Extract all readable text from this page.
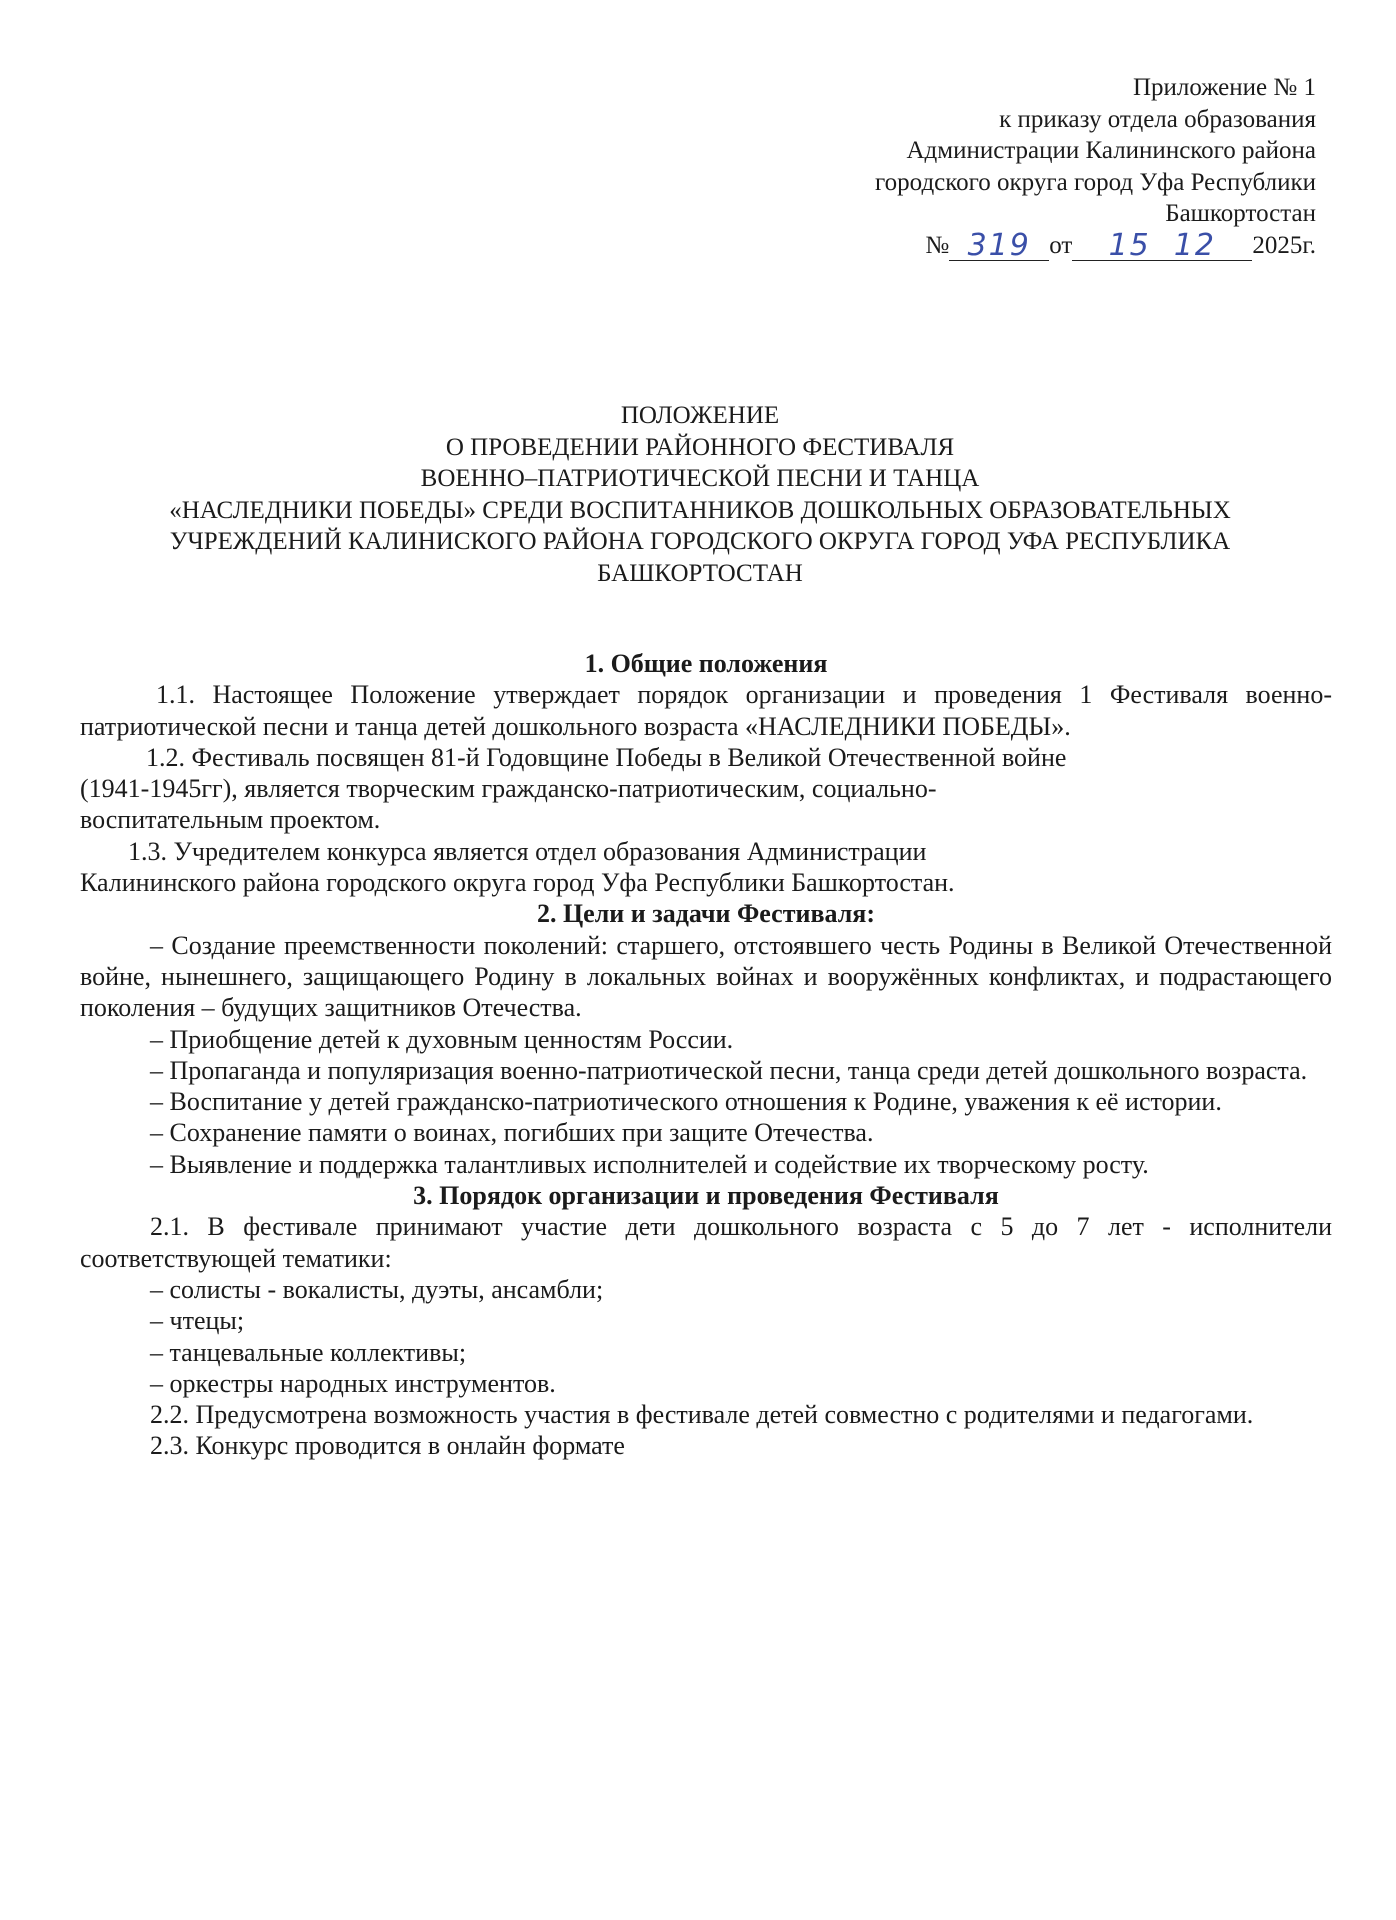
Приложение № 1
к приказу отдела образования
Администрации Калининского района
городского округа город Уфа Республики
Башкортостан
№ 319 от	15  12	2025г.
ПОЛОЖЕНИЕ
О ПРОВЕДЕНИИ РАЙОННОГО ФЕСТИВАЛЯ
ВОЕННО–ПАТРИОТИЧЕСКОЙ ПЕСНИ И ТАНЦА
«НАСЛЕДНИКИ ПОБЕДЫ» СРЕДИ ВОСПИТАННИКОВ ДОШКОЛЬНЫХ ОБРАЗОВАТЕЛЬНЫХ
УЧРЕЖДЕНИЙ КАЛИНИСКОГО РАЙОНА ГОРОДСКОГО ОКРУГА ГОРОД УФА РЕСПУБЛИКА
БАШКОРТОСТАН
1. Общие положения
1.1. Настоящее Положение утверждает порядок организации и проведения 1 Фестиваля военно-патриотической песни и танца детей дошкольного возраста «НАСЛЕДНИКИ ПОБЕДЫ».
1.2. Фестиваль посвящен 81-й Годовщине Победы в Великой Отечественной войне
(1941-1945гг), является творческим гражданско-патриотическим, социально-
воспитательным проектом.
1.3. Учредителем конкурса является отдел образования Администрации
Калининского района городского округа город Уфа Республики Башкортостан.
2. Цели и задачи Фестиваля:
– Создание преемственности поколений: старшего, отстоявшего честь Родины в Великой Отечественной войне, нынешнего, защищающего Родину в локальных войнах и вооружённых конфликтах, и подрастающего поколения – будущих защитников Отечества.
– Приобщение детей к духовным ценностям России.
– Пропаганда и популяризация военно-патриотической песни, танца среди детей дошкольного возраста.
– Воспитание у детей гражданско-патриотического отношения к Родине, уважения к её истории.
– Сохранение памяти о воинах, погибших при защите Отечества.
– Выявление и поддержка талантливых исполнителей и содействие их творческому росту.
3. Порядок организации и проведения Фестиваля
2.1. В фестивале принимают участие дети дошкольного возраста с 5 до 7 лет - исполнители соответствующей тематики:
– солисты - вокалисты, дуэты, ансамбли;
– чтецы;
– танцевальные коллективы;
– оркестры народных инструментов.
2.2. Предусмотрена возможность участия в фестивале детей совместно с родителями и педагогами.
2.3. Конкурс проводится в онлайн формате
